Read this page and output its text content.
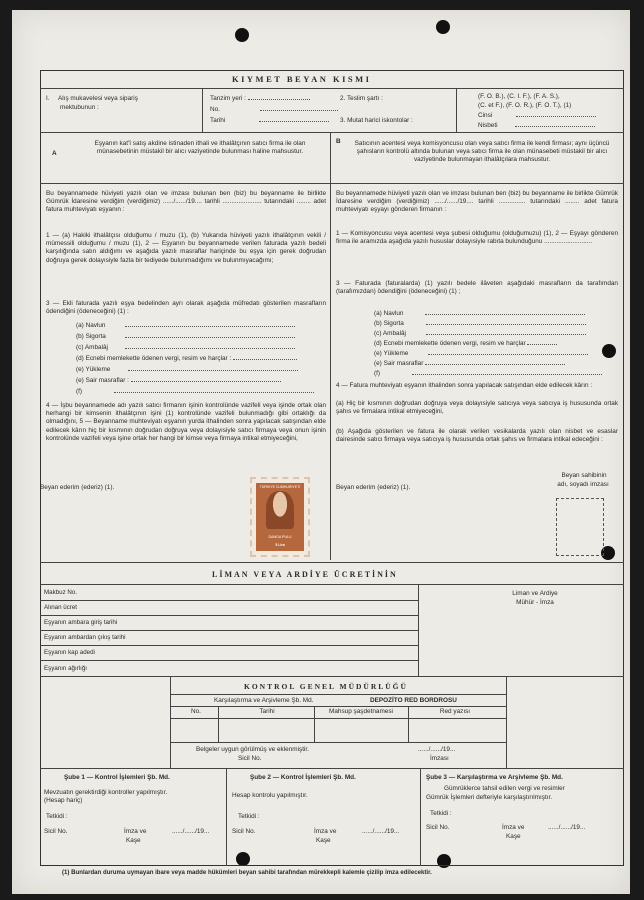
KIYMET BEYAN KISMI
I. Alış mukavelesi veya sipariş
mektubunun :
Tanzim yeri :
No.
Tarihi
2. Teslim şartı :
3. Mutat harici iskontolar :
(F. O. B.), (C. I. F.), (F. A. S.),
(C. et F.), (F. O. R.), (F. O. T.), (1)
Cinsi
Nisbeti
A
Eşyanın kat'î satış akdine istinaden ithali ve ithalâtçının satıcı firma ile olan münasebetinin müstakil bir alıcı vaziyetinde bulunması haline mahsustur.
Bu beyannamede hüviyeti yazılı olan ve imzası bulunan ben (biz) bu beyanname ile birlikte Gümrük İdaresine verdiğim (verdiğimiz) ....../....../19.... tarihli ...................... tutarındaki ........ adet fatura muhteviyatı eşyanın :
1 — (a) Hakiki ithalâtçısı olduğumu / muzu (1), (b) Yukarıda hüviyeti yazılı ithalâtçının vekili / mümessili olduğumu / muzu (1), 2 — Eşyanın bu beyannamede verilen faturada yazılı bedeli karşılığında satın aldığımı ve aşağıda yazılı masraflar hariçinde bu eşya için gerek doğrudan doğruya gerek dolayısiyle fazla bir tediyede bulunmadığımı ve bulunmıyacağımı;
3 — Ekli faturada yazılı eşya bedelinden ayrı olarak aşağıda müfredatı gösterilen masrafların ödendiğini (ödeneceğini) (1) :
(a) Navlun
(b) Sigorta
(c) Ambalâj
(d) Ecnebi memlekette ödenen vergi, resim ve harçlar :
(e) Yükleme
(e) Sair masraflar :
(f)
4 — İşbu beyannamede adı yazılı satıcı firmanın işinin kontrolünde vazifeli veya işinde ortak olan herhangi bir kimsenin ithalâtçının işini (1) kontrolünde vazifeli bulunmadığı gibi ortaklığı da olmadığını, 5 — Beyanname muhteviyatı eşyanın yurda ithalinden sonra yapılacak satışından elde edilecek kârın hiç bir kısmının doğrudan doğruya veya dolayısiyle satıcı firmaya veya onun işinin kontrolünde vazifeli veya işine ortak her hangi bir kimse veya firmaya intikal etmiyeceğini,
Beyan ederim (ederiz) (1).	TÜRKİYE CUMHURİYETİ
DAMGA PULU
5 Lira
B	Satıcının acentesi veya komisyoncusu olan veya satıcı firma ile kendi firması; aynı üçüncü şahısların kontrolü altında bulunan veya satıcı firma ile olan münasebeti müstakil bir alıcı vaziyetinde bulunmayan ithalâtçılara mahsustur.
Bu beyannamede hüviyeti yazılı olan ve imzası bulunan ben (biz) bu beyanname ile birlikte Gümrük İdaresine verdiğim (verdiğimiz) ....../....../19.... tarihli ............... tutarındaki ........ adet fatura muhteviyatı eşyayı gönderen firmanın :
1 — Komisyoncusu veya acentesi veya şubesi olduğumu (olduğumuzu) (1), 2 — Eşyayı gönderen firma ile aramızda aşağıda yazılı hususlar dolayısiyle rabıta bulunduğunu ...........................
3 — Faturada (faturalarda) (1) yazılı bedele ilâveten aşağıdaki masrafların da tarafımdan (tarafımızdan) ödendiğini (ödeneceğini) (1) ;
(a) Navlun
(b) Sigorta
(c) Ambalâj
(d) Ecnebi memlekette ödenen vergi, resim ve harçlar
(e) Yükleme
(e) Sair masraflar
(f)
4 — Fatura muhteviyatı eşyanın ithalinden sonra yapılacak satışından elde edilecek kârın :
(a) Hiç bir kısmının doğrudan doğruya veya dolayısiyle satıcıya veya satıcıya iş hususunda ortak şahıs ve firmalara intikal etmiyeceğini,
(b) Aşağıda gösterilen ve fatura ile olarak verilen vesikalarda yazılı olan nisbet ve esaslar dairesinde satıcı firmaya veya satıcıya iş hususunda ortak şahıs ve firmalara intikal edeceğini :
Beyan ederim (ederiz) (1).
Beyan sahibinin
adı, soyadı imzası
LİMAN VEYA ARDİYE ÜCRETİNİN
Makbuz No.
Alınan ücret
Eşyanın ambara giriş tarihi
Eşyanın ambardan çıkış tarihi
Eşyanın kap adedi
Eşyanın ağırlığı
Liman ve Ardiye
Mühür - İmza
KONTROL GENEL MÜDÜRLÜĞÜ
Karşılaştırma ve Arşivleme Şb. Md.	DEPOZİTO RED BORDROSU
No.	Tarihi	Mahsup şaşdetnamesi	Red yazısı
Belgeler uygun görülmüş ve eklenmiştir.
Sicil No.
....../....../19...
İmzası
Şube 1 — Kontrol İşlemleri Şb. Md.
Mevzuatın gerektirdiği kontroller yapılmıştır.
(Hesap hariç)
Tetkidi :
Sicil No.	İmza ve	....../....../19...
Kaşe
Şube 2 — Kontrol İşlemleri Şb. Md.
Hesap kontrolu yapılmıştır.
Tetkidi :
Sicil No.	İmza ve	....../....../19...
Kaşe
Şube 3 — Karşılaştırma ve Arşivleme Şb. Md.
Gümrüklerce tahsil edilen vergi ve resimler
Gümrük İşlemleri defteriyle karşılaştırılmıştır.
Tetkidi :
Sicil No.	İmza ve	....../....../19...
Kaşe
(1) Bunlardan duruma uymayan ibare veya madde hükümleri beyan sahibi tarafından mürekkepli kalemle çizilip imza edilecektir.
